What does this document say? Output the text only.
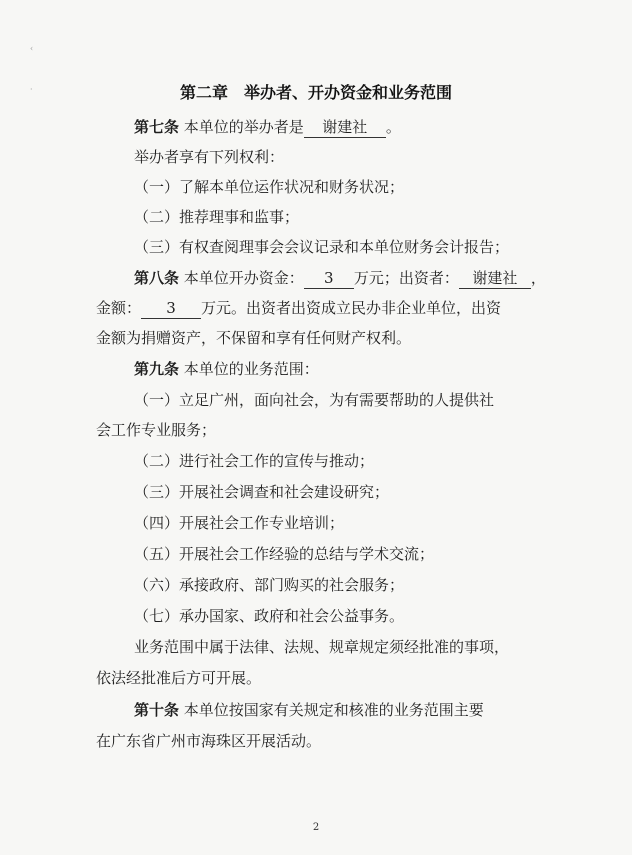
‹
·	第二章 举办者、开办资金和业务范围
第七条 本单位的举办者是 谢建社 。
举办者享有下列权利：
（一）了解本单位运作状况和财务状况；
（二）推荐理事和监事；
（三）有权查阅理事会会议记录和本单位财务会计报告；
第八条 本单位开办资金： 3 万元；出资者： 谢建社 ，
金额： 3 万元。出资者出资成立民办非企业单位，出资
金额为捐赠资产，不保留和享有任何财产权利。
第九条 本单位的业务范围：
（一）立足广州，面向社会，为有需要帮助的人提供社
会工作专业服务；
（二）进行社会工作的宣传与推动；
（三）开展社会调查和社会建设研究；
（四）开展社会工作专业培训；
（五）开展社会工作经验的总结与学术交流；
（六）承接政府、部门购买的社会服务；
（七）承办国家、政府和社会公益事务。
业务范围中属于法律、法规、规章规定须经批准的事项，
依法经批准后方可开展。
第十条 本单位按国家有关规定和核准的业务范围主要
在广东省广州市海珠区开展活动。
2
